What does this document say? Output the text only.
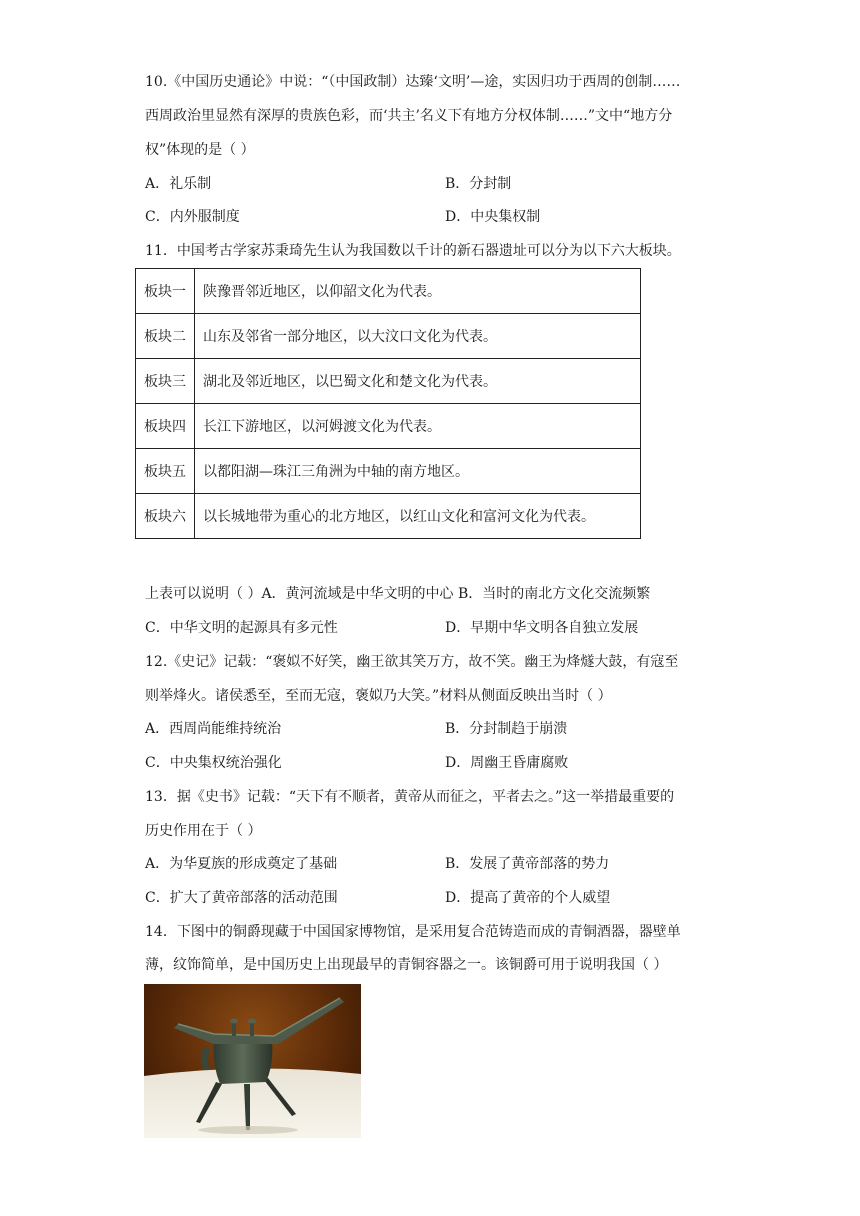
10.《中国历史通论》中说：“（中国政制）达臻‘文明’—途，实因归功于西周的创制……
西周政治里显然有深厚的贵族色彩，而‘共主’名义下有地方分权体制……”文中“地方分
权”体现的是（ ）
A．礼乐制	B．分封制
C．内外服制度	D．中央集权制
11．中国考古学家苏秉琦先生认为我国数以千计的新石器遗址可以分为以下六大板块。
板块一	陕豫晋邻近地区，以仰韶文化为代表。
板块二	山东及邻省一部分地区，以大汶口文化为代表。
板块三	湖北及邻近地区，以巴蜀文化和楚文化为代表。
板块四	长江下游地区，以河姆渡文化为代表。
板块五	以都阳湖—珠江三角洲为中轴的南方地区。
板块六	以长城地带为重心的北方地区，以红山文化和富河文化为代表。
上表可以说明（ ）A．黄河流域是中华文明的中心 B．当时的南北方文化交流频繁
C．中华文明的起源具有多元性	D．早期中华文明各自独立发展
12.《史记》记载：“褒姒不好笑，幽王欲其笑万方，故不笑。幽王为烽燧大鼓，有寇至
则举烽火。诸侯悉至，至而无寇，褒姒乃大笑。”材料从侧面反映出当时（ ）
A．西周尚能维持统治	B．分封制趋于崩溃
C．中央集权统治强化	D．周幽王昏庸腐败
13．据《史书》记载：“天下有不顺者，黄帝从而征之，平者去之。”这一举措最重要的
历史作用在于（ ）
A．为华夏族的形成奠定了基础	B．发展了黄帝部落的势力
C．扩大了黄帝部落的活动范围	D．提高了黄帝的个人威望
14．下图中的铜爵现藏于中国国家博物馆，是采用复合范铸造而成的青铜酒器，器壁单
薄，纹饰简单，是中国历史上出现最早的青铜容器之一。该铜爵可用于说明我国（ ）
